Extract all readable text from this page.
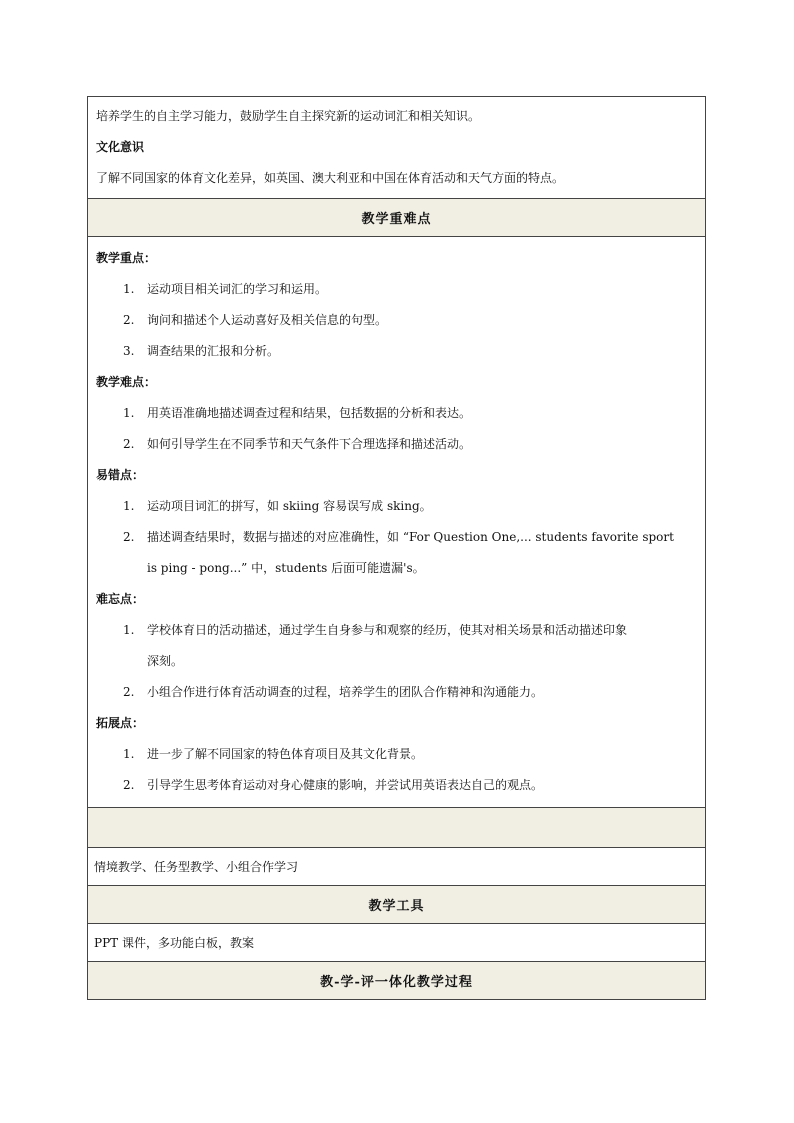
培养学生的自主学习能力，鼓励学生自主探究新的运动词汇和相关知识。
文化意识
了解不同国家的体育文化差异，如英国、澳大利亚和中国在体育活动和天气方面的特点。
教学重难点
教学重点：
1.	运动项目相关词汇的学习和运用。
2.	询问和描述个人运动喜好及相关信息的句型。
3.	调查结果的汇报和分析。
教学难点：
1.	用英语准确地描述调查过程和结果，包括数据的分析和表达。
2.	如何引导学生在不同季节和天气条件下合理选择和描述活动。
易错点：
1.	运动项目词汇的拼写，如 skiing 容易误写成 sking。
2.	描述调查结果时，数据与描述的对应准确性，如 “For Question One,... students favorite sport
is ping - pong...” 中，students 后面可能遗漏's。
难忘点：
1.	学校体育日的活动描述，通过学生自身参与和观察的经历，使其对相关场景和活动描述印象
深刻。
2.	小组合作进行体育活动调查的过程，培养学生的团队合作精神和沟通能力。
拓展点：
1.	进一步了解不同国家的特色体育项目及其文化背景。
2.	引导学生思考体育运动对身心健康的影响，并尝试用英语表达自己的观点。
情境教学、任务型教学、小组合作学习
教学工具
PPT 课件，多功能白板，教案
教-学-评一体化教学过程
